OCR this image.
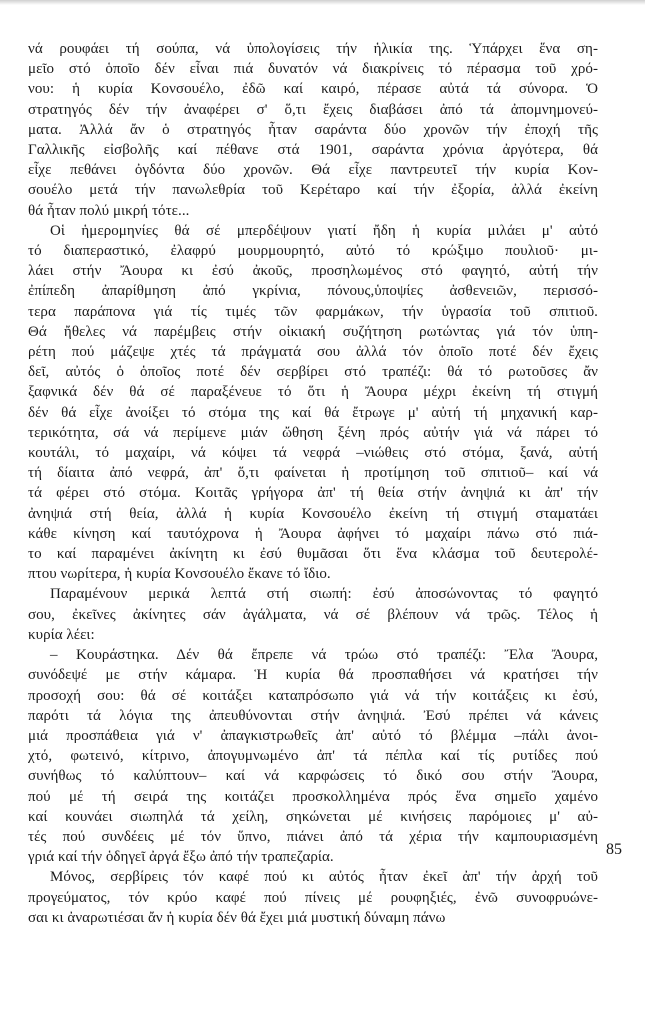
νά ρουφάει τή σούπα, νά ὑπολογίσεις τήν ἡλικία της. Ὑπάρχει ἕνα ση-
μεῖο στό ὁποῖο δέν εἶναι πιά δυνατόν νά διακρίνεις τό πέρασμα τοῦ χρό-
νου: ἡ κυρία Κονσουέλο, ἐδῶ καί καιρό, πέρασε αὐτά τά σύνορα. Ὁ
στρατηγός δέν τήν ἀναφέρει σ' ὅ,τι ἔχεις διαβάσει ἀπό τά ἀπομνημονεύ-
ματα. Ἀλλά ἄν ὁ στρατηγός ἦταν σαράντα δύο χρονῶν τήν ἐποχή τῆς
Γαλλικῆς εἰσβολῆς καί πέθανε στά 1901, σαράντα χρόνια ἀργότερα, θά
εἶχε πεθάνει ὀγδόντα δύο χρονῶν. Θά εἶχε παντρευτεῖ τήν κυρία Κον-
σουέλο μετά τήν πανωλεθρία τοῦ Κερέταρο καί τήν ἐξορία, ἀλλά ἐκείνη
θά ἦταν πολύ μικρή τότε...

Οἱ ἡμερομηνίες θά σέ μπερδέψουν γιατί ἤδη ἡ κυρία μιλάει μ' αὐτό
τό διαπεραστικό, ἐλαφρύ μουρμουρητό, αὐτό τό κρώξιμο πουλιοῦ· μι-
λάει στήν Ἄουρα κι ἐσύ ἀκοῦς, προσηλωμένος στό φαγητό, αὐτή τήν
ἐπίπεδη ἀπαρίθμηση ἀπό γκρίνια, πόνους,ὑποψίες ἀσθενειῶν, περισσό-
τερα παράπονα γιά τίς τιμές τῶν φαρμάκων, τήν ὑγρασία τοῦ σπιτιοῦ.
Θά ἤθελες νά παρέμβεις στήν οἰκιακή συζήτηση ρωτώντας γιά τόν ὑπη-
ρέτη πού μάζεψε χτές τά πράγματά σου ἀλλά τόν ὁποῖο ποτέ δέν ἔχεις
δεῖ, αὐτός ὁ ὁποῖος ποτέ δέν σερβίρει στό τραπέζι: θά τό ρωτοῦσες ἄν
ξαφνικά δέν θά σέ παραξένευε τό ὅτι ἡ Ἄουρα μέχρι ἐκείνη τή στιγμή
δέν θά εἶχε ἀνοίξει τό στόμα της καί θά ἔτρωγε μ' αὐτή τή μηχανική καρ-
τερικότητα, σά νά περίμενε μιάν ὤθηση ξένη πρός αὐτήν γιά νά πάρει τό
κουτάλι, τό μαχαίρι, νά κόψει τά νεφρά –νιώθεις στό στόμα, ξανά, αὐτή
τή δίαιτα ἀπό νεφρά, ἀπ' ὅ,τι φαίνεται ἡ προτίμηση τοῦ σπιτιοῦ– καί νά
τά φέρει στό στόμα. Κοιτᾶς γρήγορα ἀπ' τή θεία στήν ἀνηψιά κι ἀπ' τήν
ἀνηψιά στή θεία, ἀλλά ἡ κυρία Κονσουέλο ἐκείνη τή στιγμή σταματάει
κάθε κίνηση καί ταυτόχρονα ἡ Ἄουρα ἀφήνει τό μαχαίρι πάνω στό πιά-
το καί παραμένει ἀκίνητη κι ἐσύ θυμᾶσαι ὅτι ἕνα κλάσμα τοῦ δευτερολέ-
πτου νωρίτερα, ἡ κυρία Κονσουέλο ἔκανε τό ἴδιο.

Παραμένουν μερικά λεπτά στή σιωπή: ἐσύ ἀποσώνοντας τό φαγητό
σου, ἐκεῖνες ἀκίνητες σάν ἀγάλματα, νά σέ βλέπουν νά τρῶς. Τέλος ἡ
κυρία λέει:

– Κουράστηκα. Δέν θά ἔπρεπε νά τρώω στό τραπέζι: Ἔλα Ἄουρα,
συνόδεψέ με στήν κάμαρα. Ἡ κυρία θά προσπαθήσει νά κρατήσει τήν
προσοχή σου: θά σέ κοιτάξει καταπρόσωπο γιά νά τήν κοιτάξεις κι ἐσύ,
παρότι τά λόγια της ἀπευθύνονται στήν ἀνηψιά. Ἐσύ πρέπει νά κάνεις
μιά προσπάθεια γιά ν' ἀπαγκιστρωθεῖς ἀπ' αὐτό τό βλέμμα –πάλι ἀνοι-
χτό, φωτεινό, κίτρινο, ἀπογυμνωμένο ἀπ' τά πέπλα καί τίς ρυτίδες πού
συνήθως τό καλύπτουν– καί νά καρφώσεις τό δικό σου στήν Ἄουρα,
πού μέ τή σειρά της κοιτάζει προσκολλημένα πρός ἕνα σημεῖο χαμένο
καί κουνάει σιωπηλά τά χείλη, σηκώνεται μέ κινήσεις παρόμοιες μ' αὐ-
τές πού συνδέεις μέ τόν ὕπνο, πιάνει ἀπό τά χέρια τήν καμπουριασμένη
γριά καί τήν ὁδηγεῖ ἀργά ἔξω ἀπό τήν τραπεζαρία.

Μόνος, σερβίρεις τόν καφέ πού κι αὐτός ἦταν ἐκεῖ ἀπ' τήν ἀρχή τοῦ
προγεύματος, τόν κρύο καφέ πού πίνεις μέ ρουφηξιές, ἐνῶ συνοφρυώνε-
σαι κι ἀναρωτιέσαι ἄν ἡ κυρία δέν θά ἔχει μιά μυστική δύναμη πάνω

85
